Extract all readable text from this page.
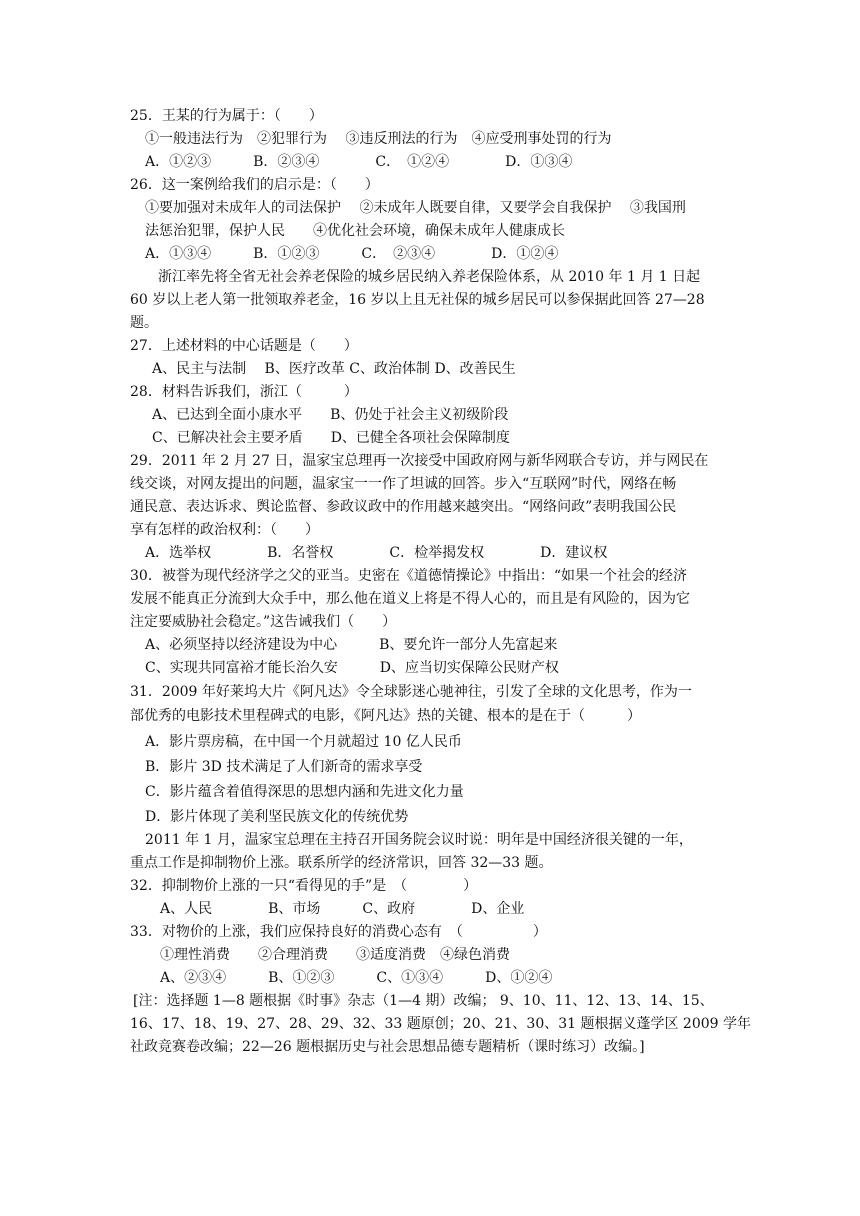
25．王某的行为属于：（　　）
①一般违法行为　②犯罪行为　 ③违反刑法的行为　④应受刑事处罚的行为
A．①②③　　　B．②③④　　　　C．　①②④　　　　D．①③④
26．这一案例给我们的启示是：（　　）
①要加强对未成年人的司法保护　 ②未成年人既要自律，又要学会自我保护　 ③我国刑
法惩治犯罪，保护人民　　④优化社会环境，确保未成年人健康成长
A．①③④　　　B．①②③　　　C．　②③④　　　　D．①②④
浙江率先将全省无社会养老保险的城乡居民纳入养老保险体系，从 2010 年 1 月 1 日起
60 岁以上老人第一批领取养老金，16 岁以上且无社保的城乡居民可以参保据此回答 27—28
题。
27．上述材料的中心话题是（　　）
A、民主与法制　 B、医疗改革 C、政治体制 D、改善民生
28．材料告诉我们，浙江（　　　）
A、已达到全面小康水平　　B、仍处于社会主义初级阶段
C、已解决社会主要矛盾　　D、已健全各项社会保障制度
29．2011 年 2 月 27 日，温家宝总理再一次接受中国政府网与新华网联合专访，并与网民在
线交谈，对网友提出的问题，温家宝一一作了坦诚的回答。步入“互联网”时代，网络在畅
通民意、表达诉求、舆论监督、参政议政中的作用越来越突出。“网络问政”表明我国公民
享有怎样的政治权利：（　　）
A．选举权　　　　B．名誉权　　　　C．检举揭发权　　　　D．建议权
30．被誉为现代经济学之父的亚当。史密在《道德情操论》中指出：“如果一个社会的经济
发展不能真正分流到大众手中，那么他在道义上将是不得人心的，而且是有风险的，因为它
注定要威胁社会稳定。”这告诫我们（　　）
A、必须坚持以经济建设为中心　　　B、要允许一部分人先富起来
C、实现共同富裕才能长治久安　　　D、应当切实保障公民财产权
31．2009 年好莱坞大片《阿凡达》令全球影迷心驰神往，引发了全球的文化思考，作为一
部优秀的电影技术里程碑式的电影，《阿凡达》热的关键、根本的是在于（　　　）
A．影片票房稿，在中国一个月就超过 10 亿人民币
B．影片 3D 技术满足了人们新奇的需求享受
C．影片蕴含着值得深思的思想内涵和先进文化力量
D．影片体现了美利坚民族文化的传统优势
2011 年 1 月，温家宝总理在主持召开国务院会议时说：明年是中国经济很关键的一年，
重点工作是抑制物价上涨。联系所学的经济常识，回答 32—33 题。
32．抑制物价上涨的一只“看得见的手”是　（　　　　）
A、人民　　　　B、市场　　　C、政府　　　　D、企业
33．对物价的上涨，我们应保持良好的消费心态有　（　　　　　）
①理性消费　　②合理消费　　③适度消费　④绿色消费
A、②③④　　　B、①②③　　　C、①③④　　　D、①②④
[注：选择题 1—8 题根据《时事》杂志（1—4 期）改编； 9、10、11、12、13、14、15、
16、17、18、19、27、28、29、32、33 题原创；20、21、30、31 题根据义蓬学区 2009 学年
社政竞赛卷改编；22—26 题根据历史与社会思想品德专题精析（课时练习）改编。]
